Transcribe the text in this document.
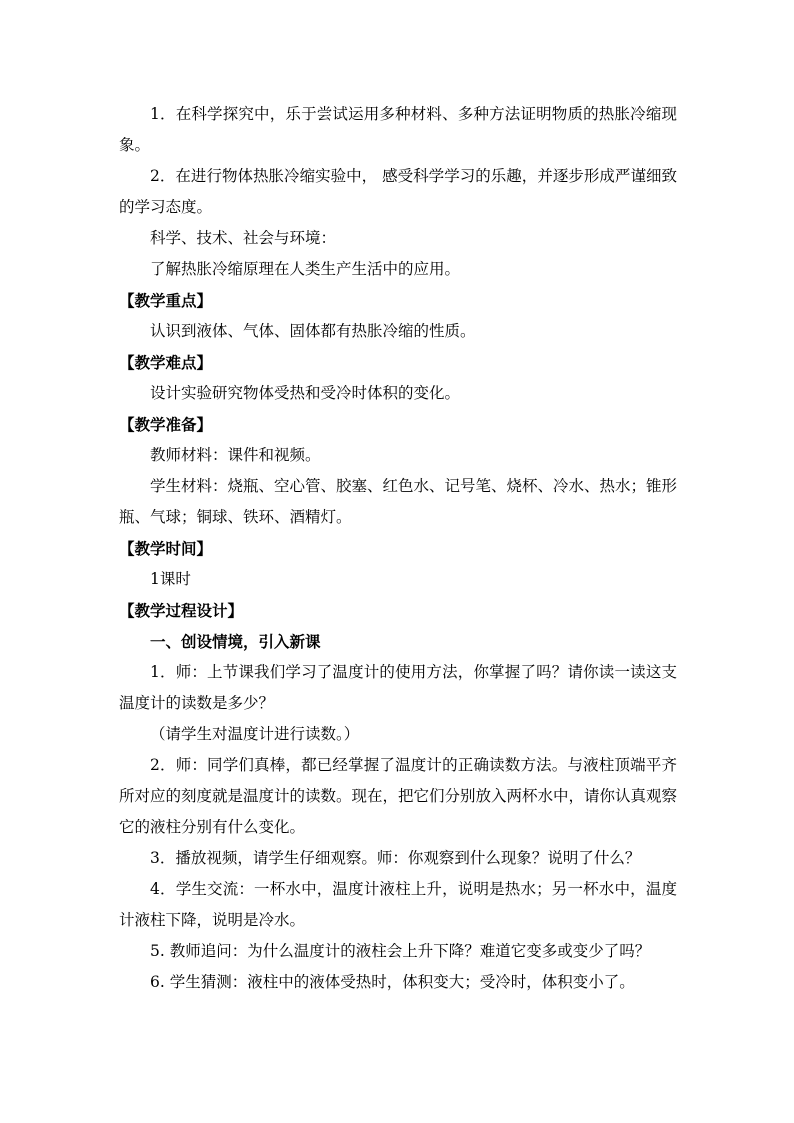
1．在科学探究中，乐于尝试运用多种材料、多种方法证明物质的热胀冷缩现象。

2．在进行物体热胀冷缩实验中， 感受科学学习的乐趣，并逐步形成严谨细致的学习态度。

科学、技术、社会与环境：

了解热胀冷缩原理在人类生产生活中的应用。

【教学重点】

认识到液体、气体、固体都有热胀冷缩的性质。

【教学难点】

设计实验研究物体受热和受冷时体积的变化。

【教学准备】

教师材料：课件和视频。

学生材料：烧瓶、空心管、胶塞、红色水、记号笔、烧杯、冷水、热水；锥形瓶、气球；铜球、铁环、酒精灯。

【教学时间】

1课时

【教学过程设计】

一、创设情境，引入新课

1．师：上节课我们学习了温度计的使用方法，你掌握了吗？请你读一读这支温度计的读数是多少？

（请学生对温度计进行读数。）

2．师：同学们真棒，都已经掌握了温度计的正确读数方法。与液柱顶端平齐所对应的刻度就是温度计的读数。现在，把它们分别放入两杯水中，请你认真观察它的液柱分别有什么变化。

3．播放视频，请学生仔细观察。师：你观察到什么现象？说明了什么？

4．学生交流：一杯水中，温度计液柱上升，说明是热水；另一杯水中，温度计液柱下降，说明是冷水。

5. 教师追问：为什么温度计的液柱会上升下降？难道它变多或变少了吗？

6. 学生猜测：液柱中的液体受热时，体积变大；受冷时，体积变小了。
